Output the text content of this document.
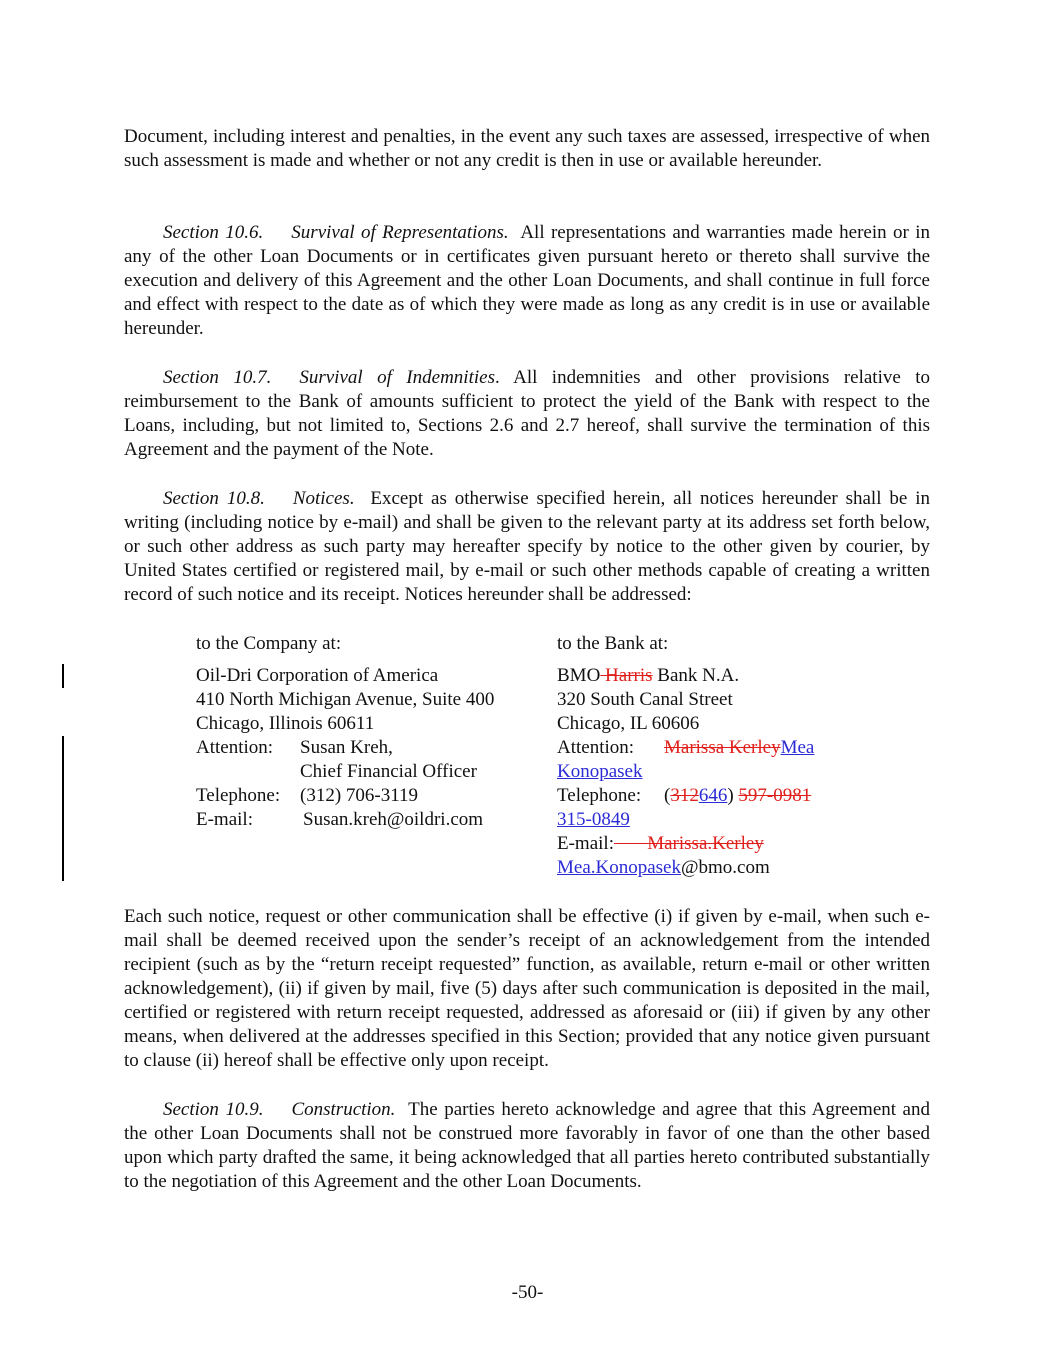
Document, including interest and penalties, in the event any such taxes are assessed, irrespective of when such assessment is made and whether or not any credit is then in use or available hereunder.
Section 10.6. Survival of Representations. All representations and warranties made herein or in any of the other Loan Documents or in certificates given pursuant hereto or thereto shall survive the execution and delivery of this Agreement and the other Loan Documents, and shall continue in full force and effect with respect to the date as of which they were made as long as any credit is in use or available hereunder.
Section 10.7. Survival of Indemnities. All indemnities and other provisions relative to reimbursement to the Bank of amounts sufficient to protect the yield of the Bank with respect to the Loans, including, but not limited to, Sections 2.6 and 2.7 hereof, shall survive the termination of this Agreement and the payment of the Note.
Section 10.8. Notices. Except as otherwise specified herein, all notices hereunder shall be in writing (including notice by e-mail) and shall be given to the relevant party at its address set forth below, or such other address as such party may hereafter specify by notice to the other given by courier, by United States certified or registered mail, by e-mail or such other methods capable of creating a written record of such notice and its receipt. Notices hereunder shall be addressed:
to the Company at:
Oil-Dri Corporation of America
410 North Michigan Avenue, Suite 400
Chicago, Illinois 60611
Attention: Susan Kreh,
Chief Financial Officer
Telephone: (312) 706-3119
E-mail:	Susan.kreh@oildri.com
to the Bank at:
BMO Harris Bank N.A.
320 South Canal Street
Chicago, IL 60606
Attention: Marissa KerleyMea
Konopasek
Telephone: (312646) 597-0981
315-0849
E-mail:       Marissa.Kerley
Mea.Konopasek@bmo.com
Each such notice, request or other communication shall be effective (i) if given by e-mail, when such e-mail shall be deemed received upon the sender’s receipt of an acknowledgement from the intended recipient (such as by the “return receipt requested” function, as available, return e-mail or other written acknowledgement), (ii) if given by mail, five (5) days after such communication is deposited in the mail, certified or registered with return receipt requested, addressed as aforesaid or (iii) if given by any other means, when delivered at the addresses specified in this Section; provided that any notice given pursuant to clause (ii) hereof shall be effective only upon receipt.
Section 10.9. Construction. The parties hereto acknowledge and agree that this Agreement and the other Loan Documents shall not be construed more favorably in favor of one than the other based upon which party drafted the same, it being acknowledged that all parties hereto contributed substantially to the negotiation of this Agreement and the other Loan Documents.
-50-
